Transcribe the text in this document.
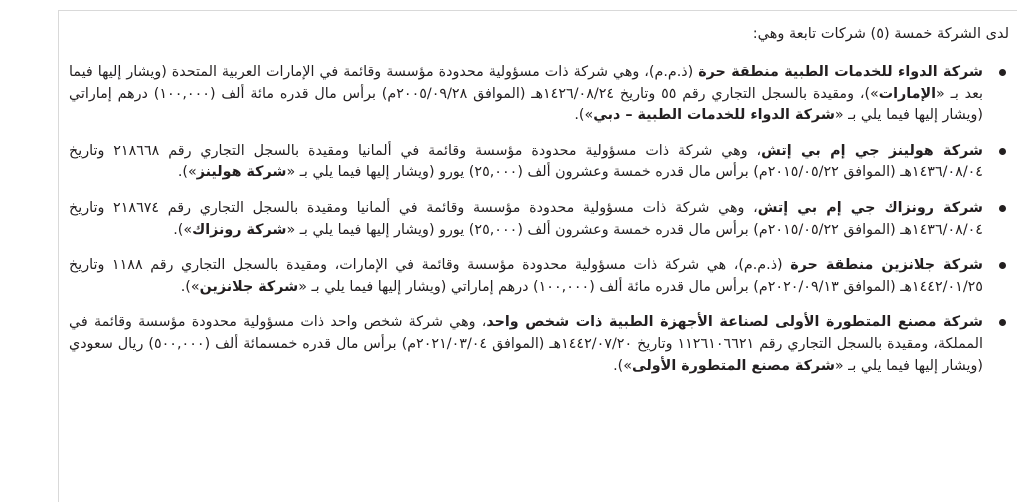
لدى الشركة خمسة (٥) شركات تابعة وهي:
شركة الدواء للخدمات الطبية منطقة حرة (ذ.م.م)، وهي شركة ذات مسؤولية محدودة مؤسسة وقائمة في الإمارات العربية المتحدة (ويشار إليها فيما بعد بـ «الإمارات»)، ومقيدة بالسجل التجاري رقم ٥٥ وتاريخ ١٤٢٦/٠٨/٢٤هـ (الموافق ٢٠٠٥/٠٩/٢٨م) برأس مال قدره مائة ألف (١٠٠,٠٠٠) درهم إماراتي (ويشار إليها فيما يلي بـ «شركة الدواء للخدمات الطبية – دبي»).
شركة هولينز جي إم بي إتش، وهي شركة ذات مسؤولية محدودة مؤسسة وقائمة في ألمانيا ومقيدة بالسجل التجاري رقم ٢١٨٦٦٨ وتاريخ ١٤٣٦/٠٨/٠٤هـ (الموافق ٢٠١٥/٠٥/٢٢م) برأس مال قدره خمسة وعشرون ألف (٢٥,٠٠٠) يورو (ويشار إليها فيما يلي بـ «شركة هولينز»).
شركة رونزاك جي إم بي إتش، وهي شركة ذات مسؤولية محدودة مؤسسة وقائمة في ألمانيا ومقيدة بالسجل التجاري رقم ٢١٨٦٧٤ وتاريخ ١٤٣٦/٠٨/٠٤هـ (الموافق ٢٠١٥/٠٥/٢٢م) برأس مال قدره خمسة وعشرون ألف (٢٥,٠٠٠) يورو (ويشار إليها فيما يلي بـ «شركة رونزاك»).
شركة جلانزين منطقة حرة (ذ.م.م)، هي شركة ذات مسؤولية محدودة مؤسسة وقائمة في الإمارات، ومقيدة بالسجل التجاري رقم ١١٨٨ وتاريخ ١٤٤٢/٠١/٢٥هـ (الموافق ٢٠٢٠/٠٩/١٣م) برأس مال قدره مائة ألف (١٠٠,٠٠٠) درهم إماراتي (ويشار إليها فيما يلي بـ «شركة جلانزين»).
شركة مصنع المتطورة الأولى لصناعة الأجهزة الطبية ذات شخص واحد، وهي شركة شخص واحد ذات مسؤولية محدودة مؤسسة وقائمة في المملكة، ومقيدة بالسجل التجاري رقم ١١٢٦١٠٦٦٢١ وتاريخ ١٤٤٢/٠٧/٢٠هـ (الموافق ٢٠٢١/٠٣/٠٤م) برأس مال قدره خمسمائة ألف (٥٠٠,٠٠٠) ريال سعودي (ويشار إليها فيما يلي بـ «شركة مصنع المتطورة الأولى»).
